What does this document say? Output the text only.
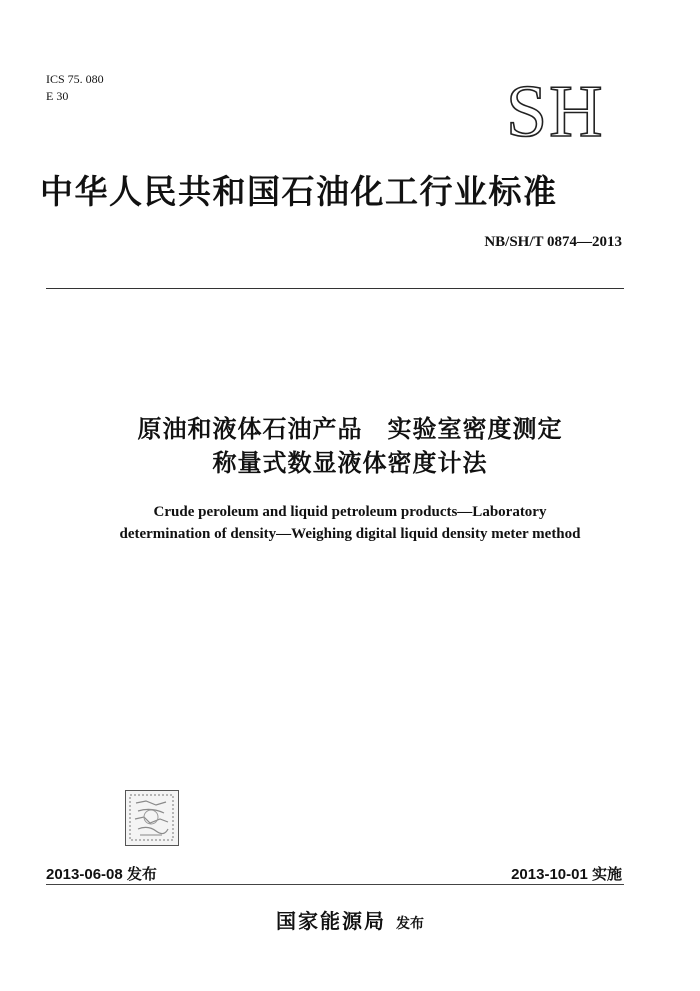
ICS 75. 080
E 30	SH
中华人民共和国石油化工行业标准
NB/SH/T 0874—2013
原油和液体石油产品　实验室密度测定
称量式数显液体密度计法
Crude peroleum and liquid petroleum products—Laboratory
determination of density—Weighing digital liquid density meter method
2013-06-08 发布	2013-10-01 实施
国家能源局 发布
